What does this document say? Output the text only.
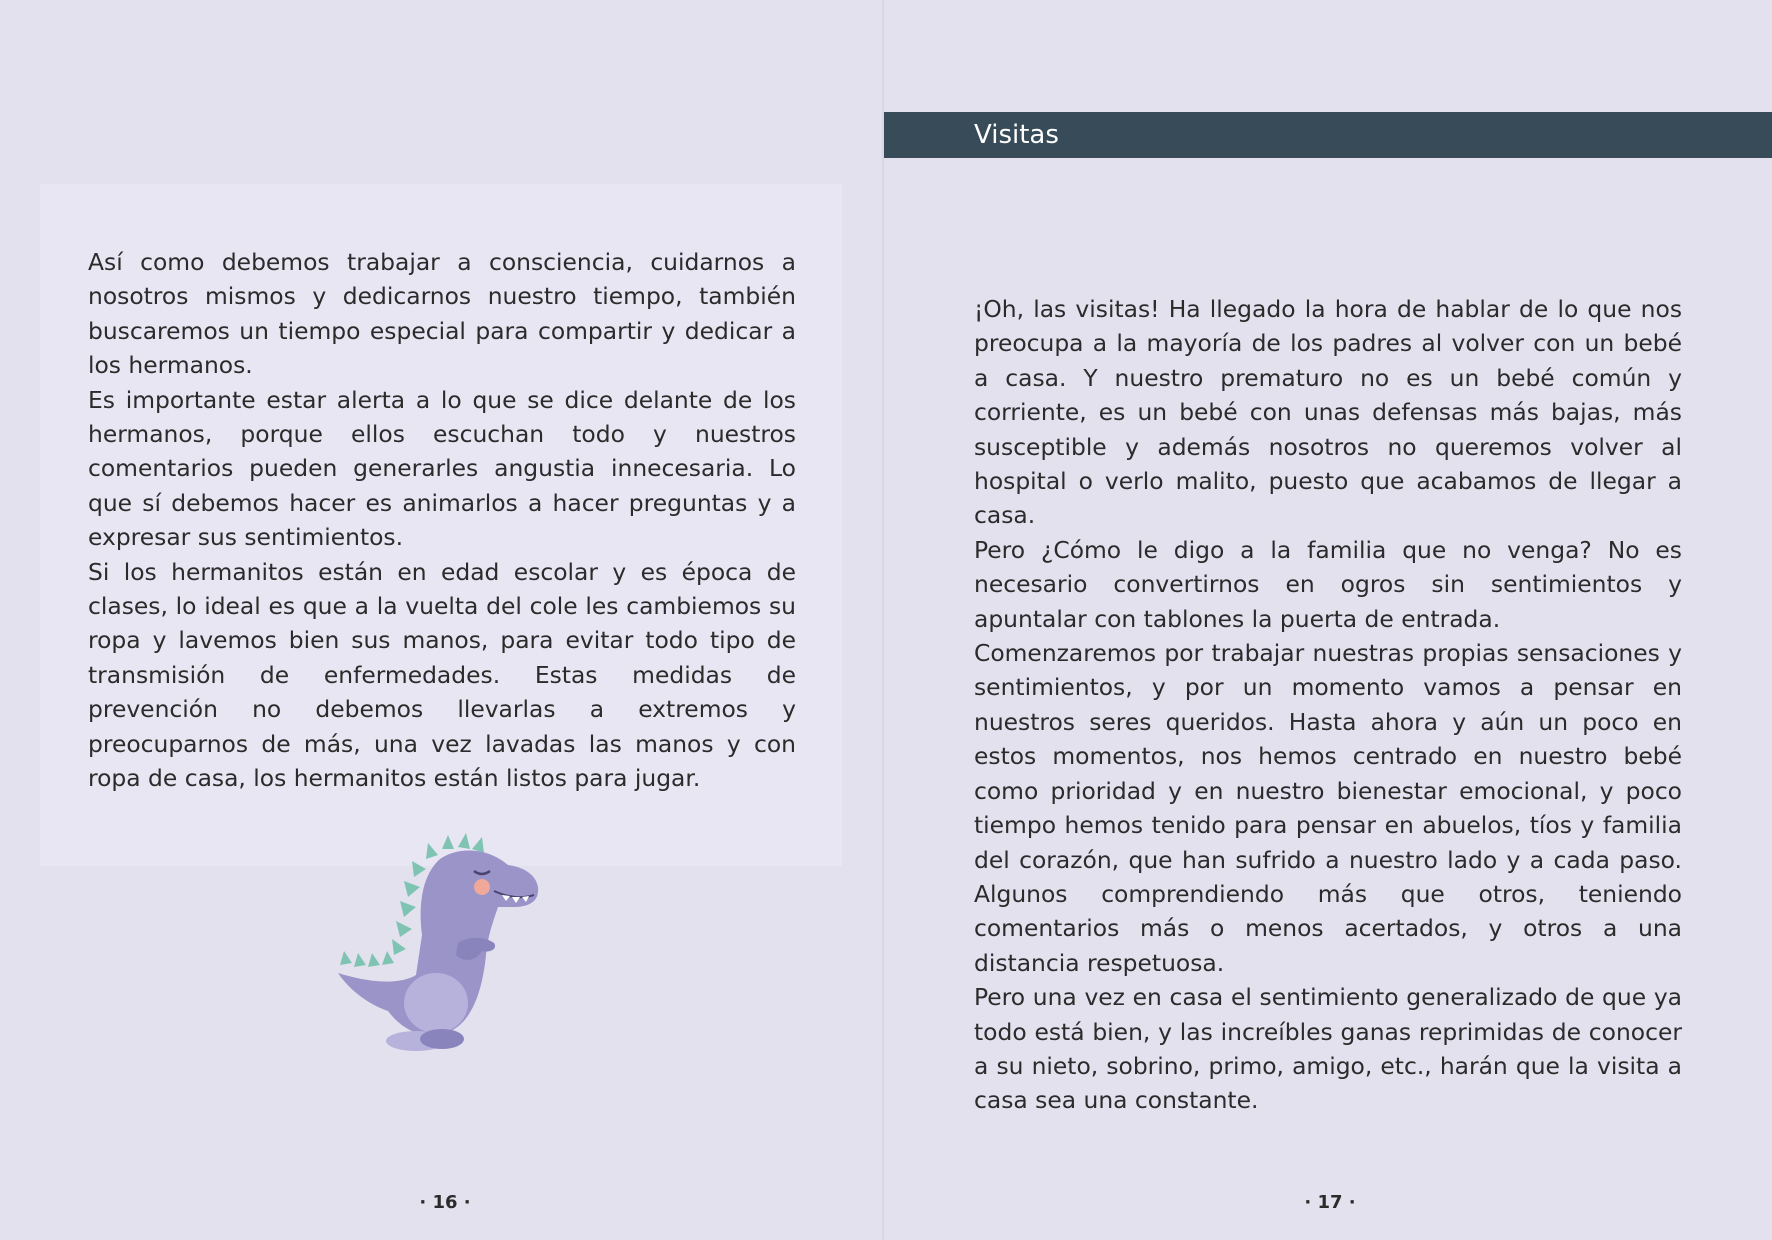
Así como debemos trabajar a consciencia, cuidarnos a nosotros mismos y dedicarnos nuestro tiempo, también buscaremos un tiempo especial para compartir y dedicar a los hermanos.

Es importante estar alerta a lo que se dice delante de los hermanos, porque ellos escuchan todo y nuestros comentarios pueden generarles angustia innecesaria. Lo que sí debemos hacer es animarlos a hacer preguntas y a expresar sus sentimientos.

Si los hermanitos están en edad escolar y es época de clases, lo ideal es que a la vuelta del cole les cambiemos su ropa y lavemos bien sus manos, para evitar todo tipo de transmisión de enfermedades. Estas medidas de prevención no debemos llevarlas a extremos y preocuparnos de más, una vez lavadas las manos y con ropa de casa, los hermanitos están listos para jugar.

· 16 ·
Visitas

¡Oh, las visitas! Ha llegado la hora de hablar de lo que nos preocupa a la mayoría de los padres al volver con un bebé a casa. Y nuestro prematuro no es un bebé común y corriente, es un bebé con unas defensas más bajas, más susceptible y además nosotros no queremos volver al hospital o verlo malito, puesto que acabamos de llegar a casa.

Pero ¿Cómo le digo a la familia que no venga? No es necesario convertirnos en ogros sin sentimientos y apuntalar con tablones la puerta de entrada.

Comenzaremos por trabajar nuestras propias sensaciones y sentimientos, y por un momento vamos a pensar en nuestros seres queridos. Hasta ahora y aún un poco en estos momentos, nos hemos centrado en nuestro bebé como prioridad y en nuestro bienestar emocional, y poco tiempo hemos tenido para pensar en abuelos, tíos y familia del corazón, que han sufrido a nuestro lado y a cada paso. Algunos comprendiendo más que otros, teniendo comentarios más o menos acertados, y otros a una distancia respetuosa.

Pero una vez en casa el sentimiento generalizado de que ya todo está bien, y las increíbles ganas reprimidas de conocer a su nieto, sobrino, primo, amigo, etc., harán que la visita a casa sea una constante.

· 17 ·
